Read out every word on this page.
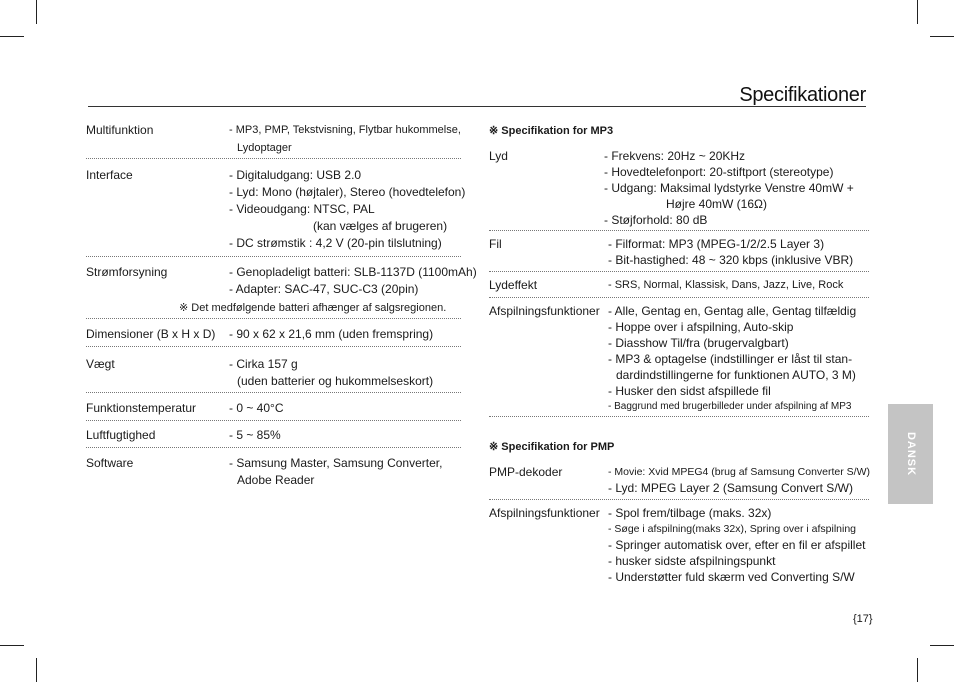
Specifikationer
Multifunktion	- MP3, PMP, Tekstvisning, Flytbar hukommelse,
Lydoptager
Interface	- Digitaludgang: USB 2.0
- Lyd: Mono (højtaler), Stereo (hovedtelefon)
- Videoudgang: NTSC, PAL
(kan vælges af brugeren)
- DC strømstik : 4,2 V (20-pin tilslutning)
Strømforsyning	- Genopladeligt batteri: SLB-1137D (1100mAh)
- Adapter: SAC-47, SUC-C3 (20pin)
※ Det medfølgende batteri afhænger af salgsregionen.
Dimensioner (B x H x D) - 90 x 62 x 21,6 mm (uden fremspring)
Vægt	- Cirka 157 g
(uden batterier og hukommelseskort)
Funktionstemperatur	- 0 ~ 40°C
Luftfugtighed	- 5 ~ 85%
Software	- Samsung Master, Samsung Converter,
Adobe Reader
※ Specifikation for MP3
Lyd	- Frekvens: 20Hz ~ 20KHz
- Hovedtelefonport: 20-stiftport (stereotype)
- Udgang: Maksimal lydstyrke Venstre 40mW +
Højre 40mW (16Ω)
- Støjforhold: 80 dB
Fil	- Filformat: MP3 (MPEG-1/2/2.5 Layer 3)
- Bit-hastighed: 48 ~ 320 kbps (inklusive VBR)
Lydeffekt	- SRS, Normal, Klassisk, Dans, Jazz, Live, Rock
Afspilningsfunktioner - Alle, Gentag en, Gentag alle, Gentag tilfældig
- Hoppe over i afspilning, Auto-skip
- Diasshow Til/fra (brugervalgbart)
- MP3 & optagelse (indstillinger er låst til stan-
dardindstillingerne for funktionen AUTO, 3 M)
- Husker den sidst afspillede fil
- Baggrund med brugerbilleder under afspilning af MP3
※ Specifikation for PMP
PMP-dekoder	- Movie: Xvid MPEG4 (brug af Samsung Converter S/W)
- Lyd: MPEG Layer 2 (Samsung Convert S/W)
Afspilningsfunktioner - Spol frem/tilbage (maks. 32x)
- Søge i afspilning(maks 32x), Spring over i afspilning
- Springer automatisk over, efter en fil er afspillet
- husker sidste afspilningspunkt
- Understøtter fuld skærm ved Converting S/W
DANSK
{17}
